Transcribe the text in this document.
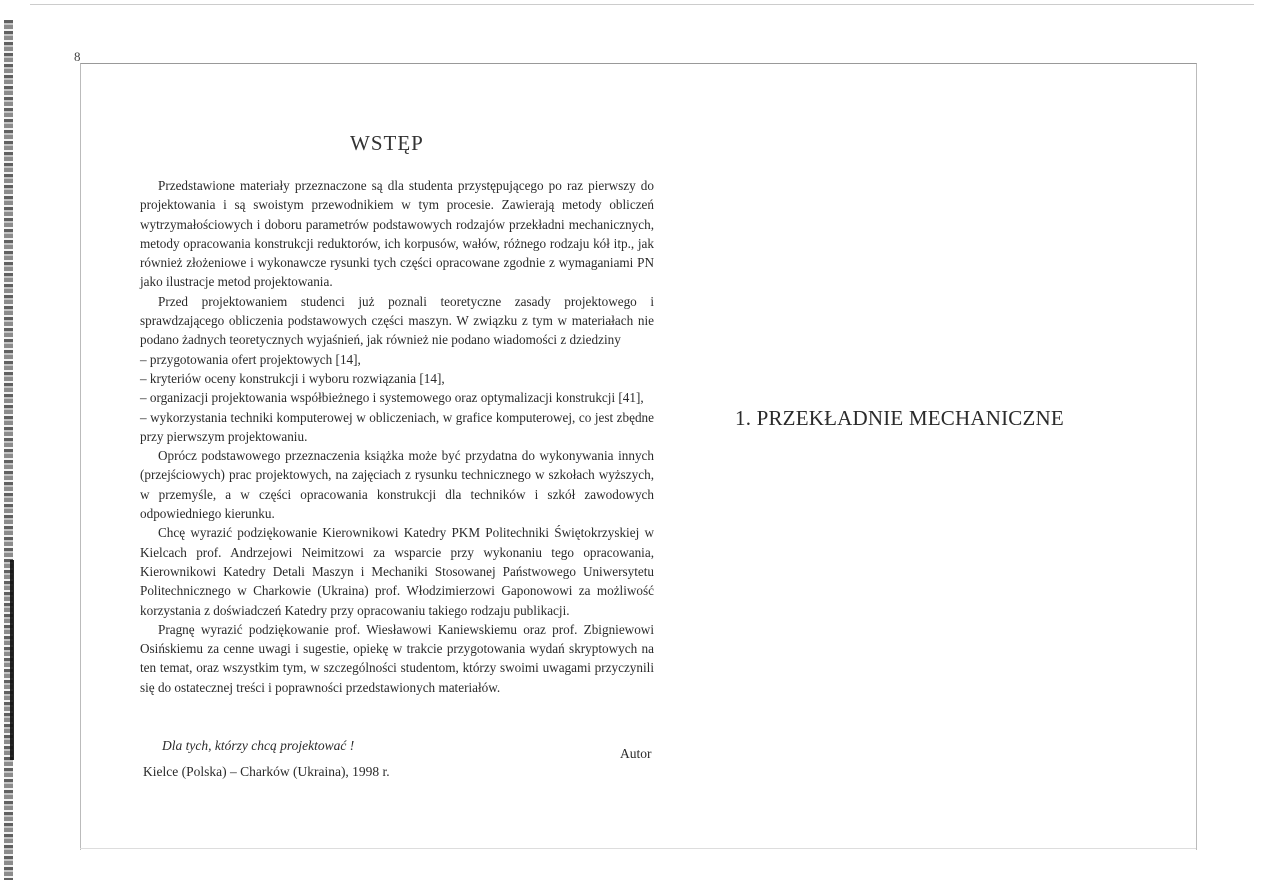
8
WSTĘP

Przedstawione materiały przeznaczone są dla studenta przystępującego po raz pierwszy do projektowania i są swoistym przewodnikiem w tym procesie. Zawierają metody obliczeń wytrzymałościowych i doboru parametrów podstawowych rodzajów przekładni mechanicznych, metody opracowania konstrukcji reduktorów, ich korpusów, wałów, różnego rodzaju kół itp., jak również złożeniowe i wykonawcze rysunki tych części opracowane zgodnie z wymaganiami PN jako ilustracje metod projektowania.

Przed projektowaniem studenci już poznali teoretyczne zasady projektowego i sprawdzającego obliczenia podstawowych części maszyn. W związku z tym w materiałach nie podano żadnych teoretycznych wyjaśnień, jak również nie podano wiadomości z dziedziny

– przygotowania ofert projektowych [14],

– kryteriów oceny konstrukcji i wyboru rozwiązania [14],

– organizacji projektowania współbieżnego i systemowego oraz optymalizacji konstrukcji [41],

– wykorzystania techniki komputerowej w obliczeniach, w grafice komputerowej, co jest zbędne przy pierwszym projektowaniu.

Oprócz podstawowego przeznaczenia książka może być przydatna do wykonywania innych (przejściowych) prac projektowych, na zajęciach z rysunku technicznego w szkołach wyższych, w przemyśle, a w części opracowania konstrukcji dla techników i szkół zawodowych odpowiedniego kierunku.

Chcę wyrazić podziękowanie Kierownikowi Katedry PKM Politechniki Świętokrzyskiej w Kielcach prof. Andrzejowi Neimitzowi za wsparcie przy wykonaniu tego opracowania, Kierownikowi Katedry Detali Maszyn i Mechaniki Stosowanej Państwowego Uniwersytetu Politechnicznego w Charkowie (Ukraina) prof. Włodzimierzowi Gaponowowi za możliwość korzystania z doświadczeń Katedry przy opracowaniu takiego rodzaju publikacji.

Pragnę wyrazić podziękowanie prof. Wiesławowi Kaniewskiemu oraz prof. Zbigniewowi Osińskiemu za cenne uwagi i sugestie, opiekę w trakcie przygotowania wydań skryptowych na ten temat, oraz wszystkim tym, w szczególności studentom, którzy swoimi uwagami przyczynili się do ostatecznej treści i poprawności przedstawionych materiałów.

Dla tych, którzy chcą projektować !
Autor
Kielce (Polska) – Charków (Ukraina), 1998 r.
1. PRZEKŁADNIE MECHANICZNE
